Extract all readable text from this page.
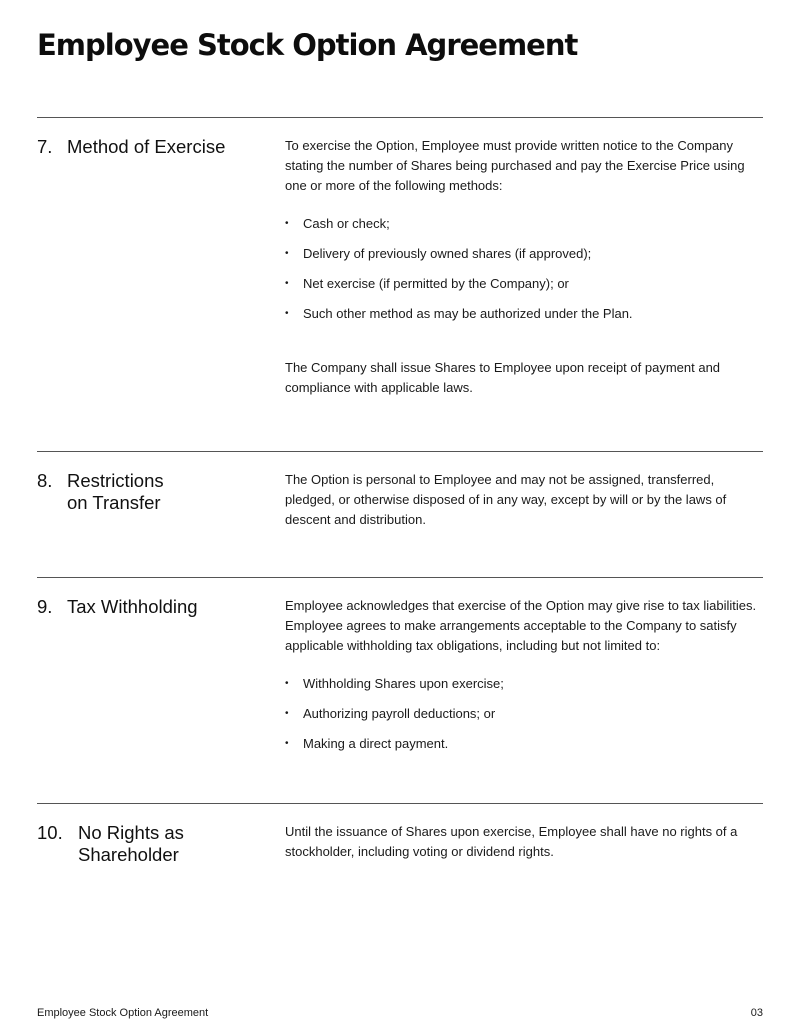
Employee Stock Option Agreement
7. Method of Exercise	To exercise the Option, Employee must provide written notice to the Company stating the number of Shares being purchased and pay the Exercise Price using one or more of the following methods:

• Cash or check;
• Delivery of previously owned shares (if approved);
• Net exercise (if permitted by the Company); or
• Such other method as may be authorized under the Plan.

The Company shall issue Shares to Employee upon receipt of payment and compliance with applicable laws.

8. Restrictions
on Transfer

The Option is personal to Employee and may not be assigned, transferred, pledged, or otherwise disposed of in any way, except by will or by the laws of descent and distribution.

9. Tax Withholding	Employee acknowledges that exercise of the Option may give rise to tax liabilities. Employee agrees to make arrangements acceptable to the Company to satisfy applicable withholding tax obligations, including but not limited to:

• Withholding Shares upon exercise;
• Authorizing payroll deductions; or
• Making a direct payment.
10. No Rights as
Shareholder

Until the issuance of Shares upon exercise, Employee shall have no rights of a stockholder, including voting or dividend rights.

Employee Stock Option Agreement	03
